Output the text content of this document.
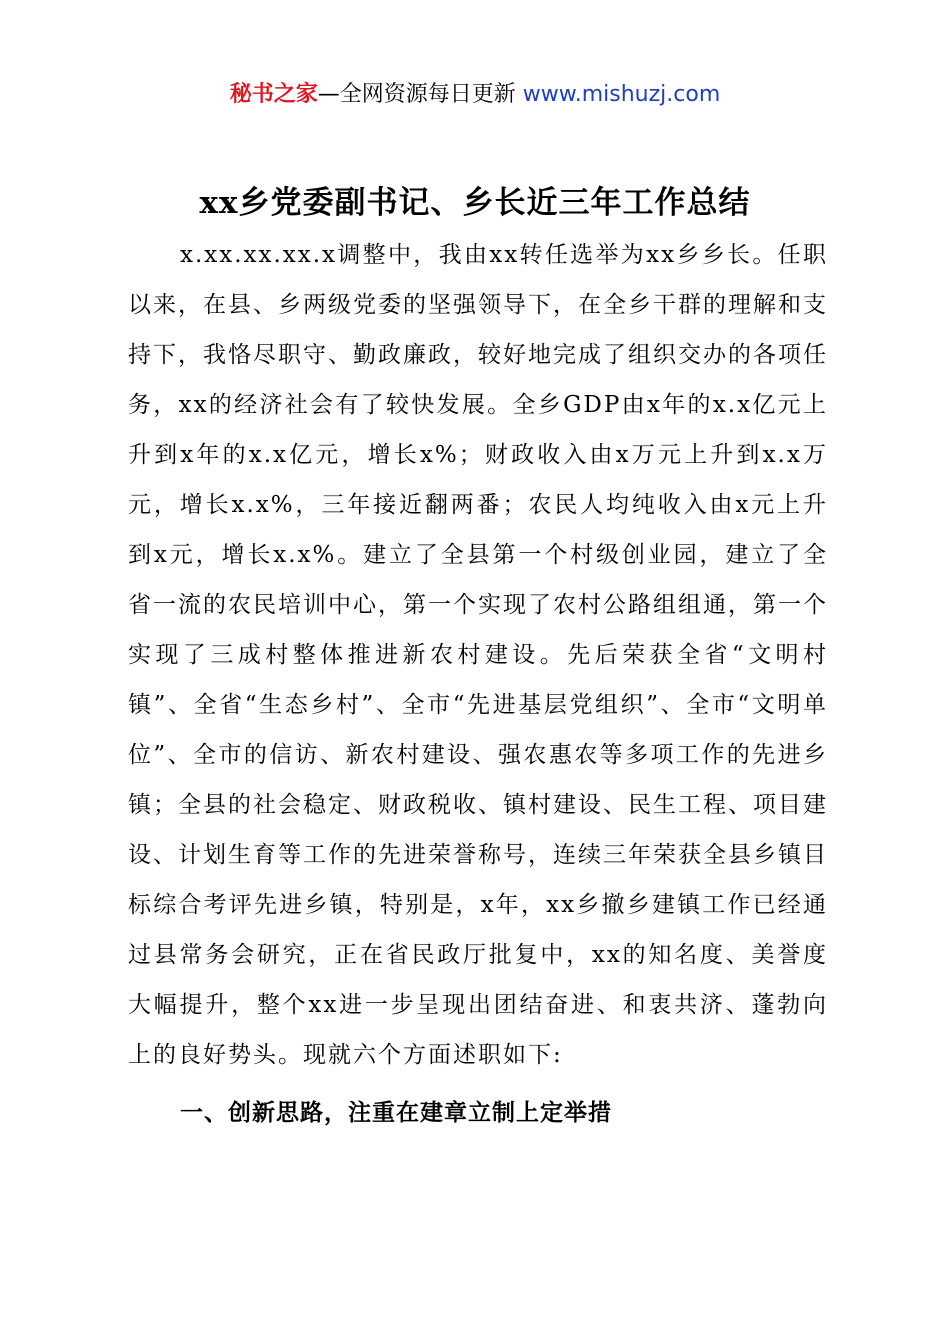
秘书之家—全网资源每日更新 www.mishuzj.com
xx乡党委副书记、乡长近三年工作总结

x.xx.xx.xx.x调整中，我由xx转任选举为xx乡乡长。任职以来，在县、乡两级党委的坚强领导下，在全乡干群的理解和支持下，我恪尽职守、勤政廉政，较好地完成了组织交办的各项任务，xx的经济社会有了较快发展。全乡GDP由x年的x.x亿元上升到x年的x.x亿元，增长x%；财政收入由x万元上升到x.x万元，增长x.x%，三年接近翻两番；农民人均纯收入由x元上升到x元，增长x.x%。建立了全县第一个村级创业园，建立了全省一流的农民培训中心，第一个实现了农村公路组组通，第一个实现了三成村整体推进新农村建设。先后荣获全省“文明村镇”、全省“生态乡村”、全市“先进基层党组织”、全市“文明单位”、全市的信访、新农村建设、强农惠农等多项工作的先进乡镇；全县的社会稳定、财政税收、镇村建设、民生工程、项目建设、计划生育等工作的先进荣誉称号，连续三年荣获全县乡镇目标综合考评先进乡镇，特别是，x年，xx乡撤乡建镇工作已经通过县常务会研究，正在省民政厅批复中，xx的知名度、美誉度大幅提升，整个xx进一步呈现出团结奋进、和衷共济、蓬勃向上的良好势头。现就六个方面述职如下:

一、创新思路，注重在建章立制上定举措
